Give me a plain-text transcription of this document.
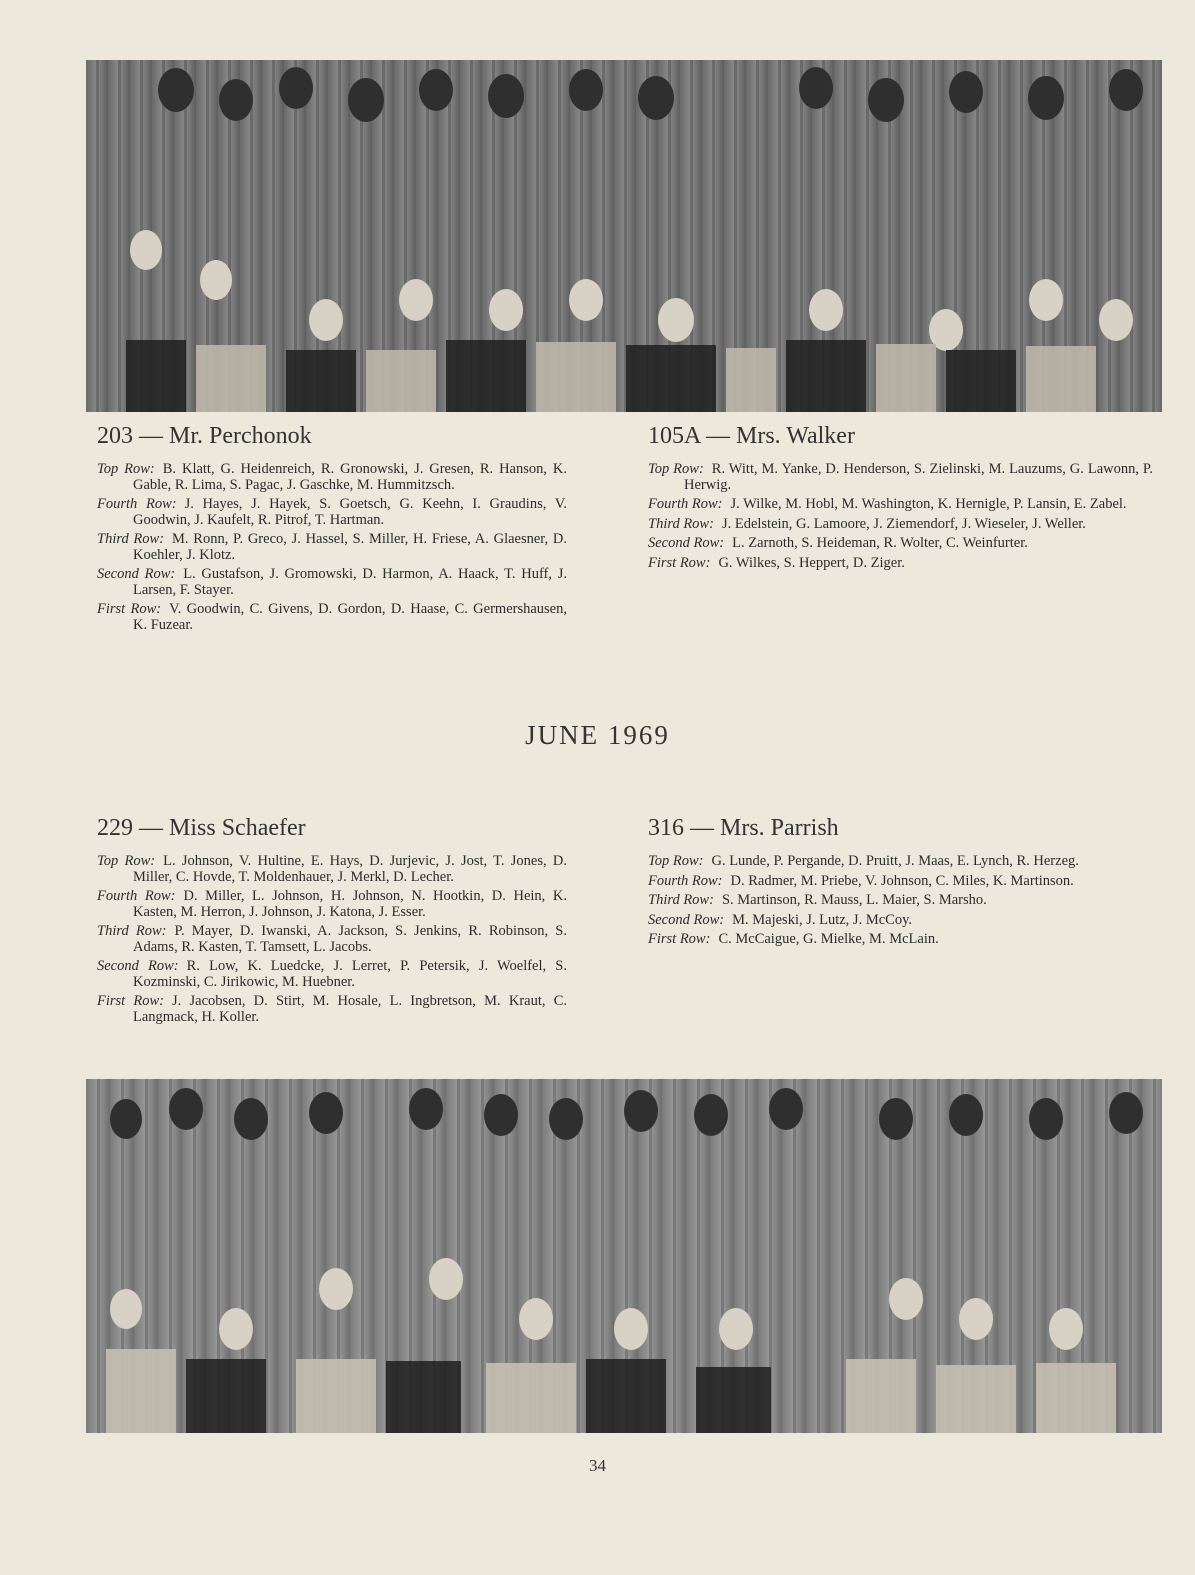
203 — Mr. Perchonok
Top Row: B. Klatt, G. Heidenreich, R. Gronowski, J. Gresen, R. Hanson, K. Gable, R. Lima, S. Pagac, J. Gaschke, M. Hummitzsch.
Fourth Row: J. Hayes, J. Hayek, S. Goetsch, G. Keehn, I. Graudins, V. Goodwin, J. Kaufelt, R. Pitrof, T. Hartman.
Third Row: M. Ronn, P. Greco, J. Hassel, S. Miller, H. Friese, A. Glaesner, D. Koehler, J. Klotz.
Second Row: L. Gustafson, J. Gromowski, D. Harmon, A. Haack, T. Huff, J. Larsen, F. Stayer.
First Row: V. Goodwin, C. Givens, D. Gordon, D. Haase, C. Germershausen, K. Fuzear.
105A — Mrs. Walker
Top Row: R. Witt, M. Yanke, D. Henderson, S. Zielinski, M. Lauzums, G. Lawonn, P. Herwig.
Fourth Row: J. Wilke, M. Hobl, M. Washington, K. Hernigle, P. Lansin, E. Zabel.
Third Row: J. Edelstein, G. Lamoore, J. Ziemendorf, J. Wieseler, J. Weller.
Second Row: L. Zarnoth, S. Heideman, R. Wolter, C. Weinfurter.
First Row: G. Wilkes, S. Heppert, D. Ziger.
JUNE 1969
229 — Miss Schaefer
Top Row: L. Johnson, V. Hultine, E. Hays, D. Jurjevic, J. Jost, T. Jones, D. Miller, C. Hovde, T. Moldenhauer, J. Merkl, D. Lecher.
Fourth Row: D. Miller, L. Johnson, H. Johnson, N. Hootkin, D. Hein, K. Kasten, M. Herron, J. Johnson, J. Katona, J. Esser.
Third Row: P. Mayer, D. Iwanski, A. Jackson, S. Jenkins, R. Robinson, S. Adams, R. Kasten, T. Tamsett, L. Jacobs.
Second Row: R. Low, K. Luedcke, J. Lerret, P. Petersik, J. Woelfel, S. Kozminski, C. Jirikowic, M. Huebner.
First Row: J. Jacobsen, D. Stirt, M. Hosale, L. Ingbretson, M. Kraut, C. Langmack, H. Koller.
316 — Mrs. Parrish
Top Row: G. Lunde, P. Pergande, D. Pruitt, J. Maas, E. Lynch, R. Herzeg.
Fourth Row: D. Radmer, M. Priebe, V. Johnson, C. Miles, K. Martinson.
Third Row: S. Martinson, R. Mauss, L. Maier, S. Marsho.
Second Row: M. Majeski, J. Lutz, J. McCoy.
First Row: C. McCaigue, G. Mielke, M. McLain.
34
